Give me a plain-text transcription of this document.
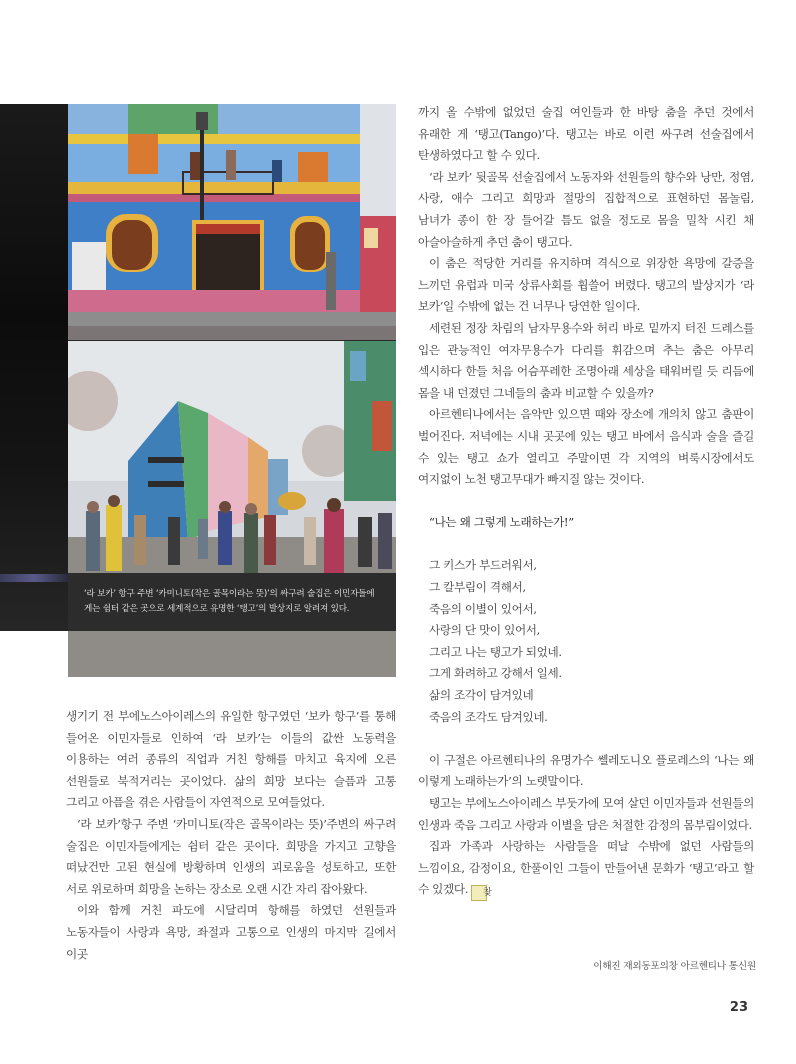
‘라 보카’ 항구 주변 ‘카미니토(작은 골목이라는 뜻)’의 싸구려 술집은 이민자들에
게는 쉼터 같은 곳으로 세계적으로 유명한 ‘탱고’의 발상지로 알려져 있다.

까지 올 수밖에 없었던 술집 여인들과 한 바탕 춤을 추던 것에서 유래한 게 ‘탱고(Tango)’다. 탱고는 바로 이런 싸구려 선술집에서 탄생하였다고 할 수 있다.

‘라 보카’ 뒷골목 선술집에서 노동자와 선원들의 향수와 낭만, 정염, 사랑, 애수 그리고 희망과 절망의 집합적으로 표현하던 몸놀림, 남녀가 종이 한 장 들어갈 틈도 없을 정도로 몸을 밀착 시킨 채 아슬아슬하게 추던 춤이 탱고다.

이 춤은 적당한 거리를 유지하며 격식으로 위장한 욕망에 갈증을 느끼던 유럽과 미국 상류사회를 휩쓸어 버렸다. 탱고의 발상지가 ‘라 보카’일 수밖에 없는 건 너무나 당연한 일이다.

세련된 정장 차림의 남자무용수와 허리 바로 밑까지 터진 드레스를 입은 관능적인 여자무용수가 다리를 휘감으며 추는 춤은 아무리 섹시하다 한들 처음 어슴푸레한 조명아래 세상을 태워버릴 듯 리듬에 몸을 내 던졌던 그네들의 춤과 비교할 수 있을까?

아르헨티나에서는 음악만 있으면 때와 장소에 개의치 않고 춤판이 벌어진다. 저녁에는 시내 곳곳에 있는 탱고 바에서 음식과 술을 즐길 수 있는 탱고 쇼가 열리고 주말이면 각 지역의 벼룩시장에서도 여지없이 노천 탱고무대가 빠지질 않는 것이다.

“나는 왜 그렇게 노래하는가!”

그 키스가 부드러워서,

그 칼부림이 격해서,

죽음의 이별이 있어서,

사랑의 단 맛이 있어서,

그리고 나는 탱고가 되었네.

그게 화려하고 강해서 일세.

삶의 조각이 담겨있네

죽음의 조각도 담겨있네.

이 구절은 아르헨티나의 유명가수 쎌레도니오 플로레스의 ‘나는 왜 이렇게 노래하는가’의 노랫말이다.

탱고는 부에노스아이레스 부둣가에 모여 살던 이민자들과 선원들의 인생과 죽음 그리고 사랑과 이별을 담은 처절한 감정의 몸부림이었다.

집과 가족과 사랑하는 사람들을 떠날 수밖에 없던 사람들의 느낌이요, 감정이요, 한풀이인 그들이 만들어낸 문화가 ‘탱고’라고 할 수 있겠다. 찾

생기기 전 부에노스아이레스의 유일한 항구였던 ‘보카 항구’를 통해 들어온 이민자들로 인하여 ‘라 보카’는 이들의 값싼 노동력을 이용하는 여러 종류의 직업과 거친 항해를 마치고 육지에 오른 선원들로 북적거리는 곳이었다. 삶의 희망 보다는 슬픔과 고통 그리고 아픔을 겪은 사람들이 자연적으로 모여들었다.

‘라 보카’항구 주변 ‘카미니토(작은 골목이라는 뜻)’주변의 싸구려 술집은 이민자들에게는 쉼터 같은 곳이다. 희망을 가지고 고향을 떠났건만 고된 현실에 방황하며 인생의 괴로움을 성토하고, 또한 서로 위로하며 희망을 논하는 장소로 오랜 시간 자리 잡아왔다.

이와 함께 거친 파도에 시달리며 항해를 하였던 선원들과 노동자들이 사랑과 욕망, 좌절과 고통으로 인생의 마지막 길에서 이곳

이해진 재외동포의창 아르헨티나 통신원
23
